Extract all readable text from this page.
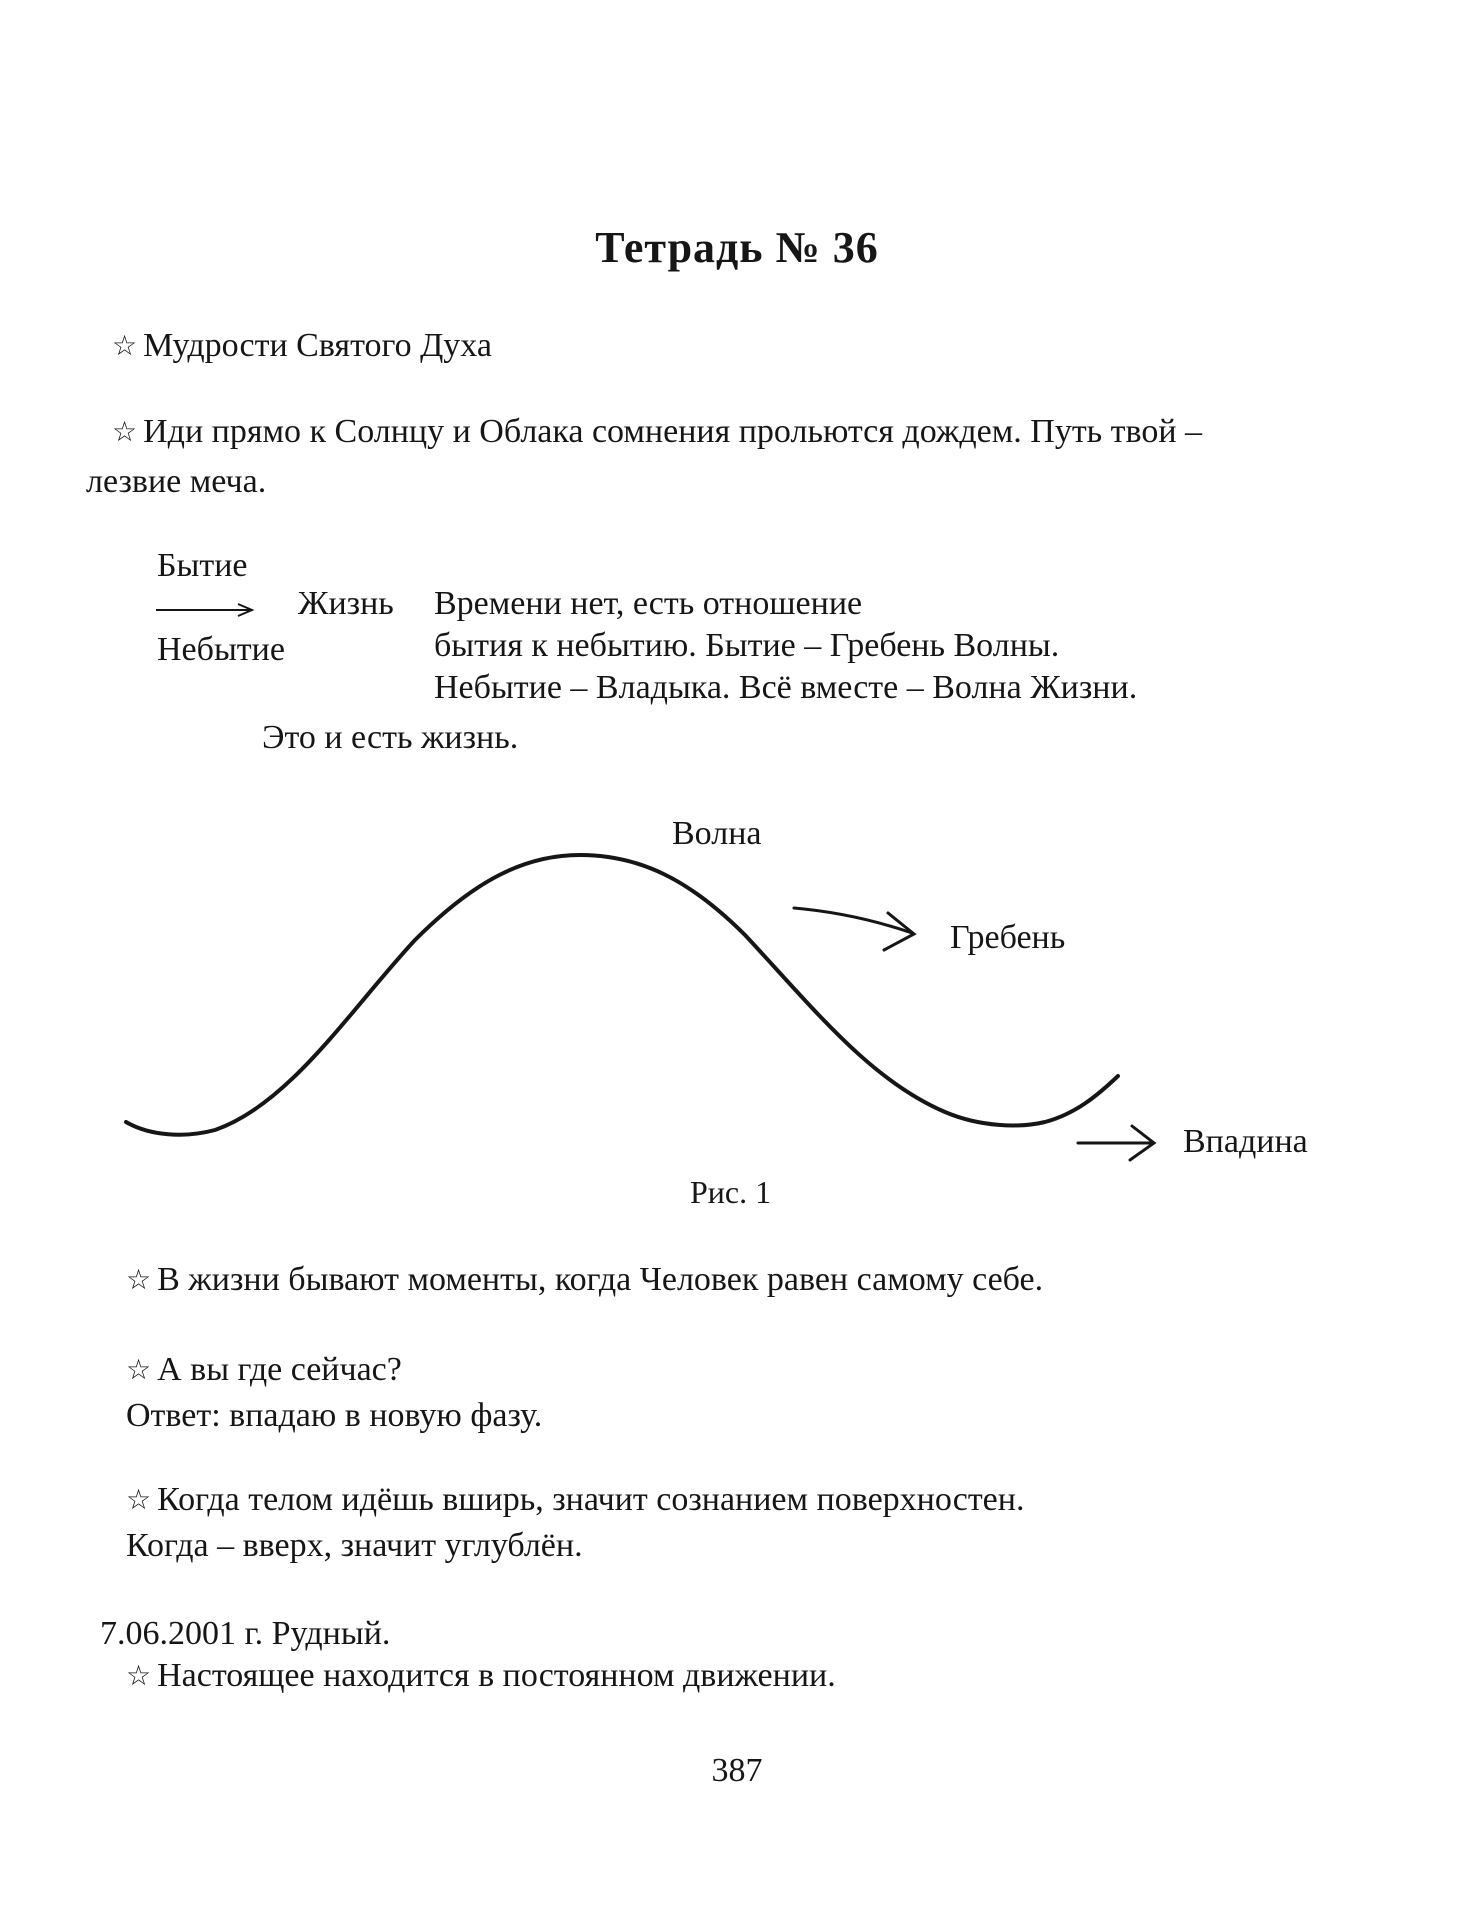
Тетрадь № 36
☆ Мудрости Святого Духа
☆ Иди прямо к Солнцу и Облака сомнения прольются дождем. Путь твой –
лезвие меча.
Бытие
Жизнь
Небытие
Времени нет, есть отношение
бытия к небытию. Бытие – Гребень Волны.
Небытие – Владыка. Всё вместе – Волна Жизни.
Это и есть жизнь.
Волна
Гребень
Впадина
Рис. 1
☆ В жизни бывают моменты, когда Человек равен самому себе.
☆ А вы где сейчас?
Ответ: впадаю в новую фазу.
☆ Когда телом идёшь вширь, значит сознанием поверхностен.
Когда – вверх, значит углублён.
7.06.2001 г. Рудный.
☆ Настоящее находится в постоянном движении.
387
